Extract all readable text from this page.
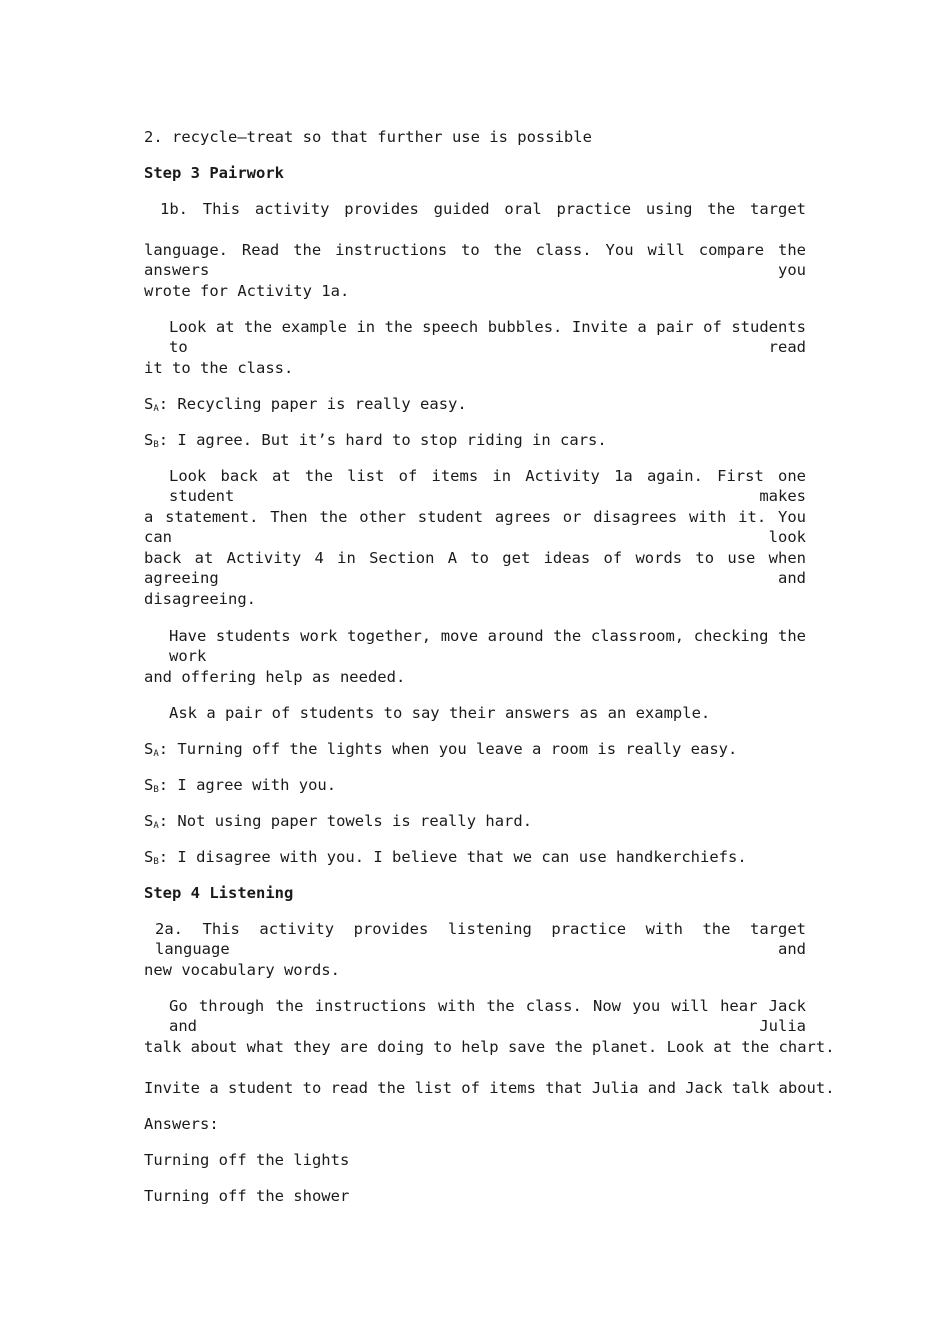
2. recycle—treat so that further use is possible
Step 3 Pairwork
1b. This activity provides guided oral practice using the target
language. Read the instructions to the class. You will compare the answers you
wrote for Activity 1a.
Look at the example in the speech bubbles. Invite a pair of students to read
it to the class.
$S_A$: Recycling paper is really easy.
$S_B$: I agree. But it’s hard to stop riding in cars.
Look back at the list of items in Activity 1a again. First one student makes
a statement. Then the other student agrees or disagrees with it. You can look
back at Activity 4 in Section A to get ideas of words to use when agreeing and
disagreeing.
Have students work together, move around the classroom, checking the work
and offering help as needed.
Ask a pair of students to say their answers as an example.
$S_A$: Turning off the lights when you leave a room is really easy.
$S_B$: I agree with you.
$S_A$: Not using paper towels is really hard.
$S_B$: I disagree with you. I believe that we can use handkerchiefs.
Step 4 Listening
2a. This activity provides listening practice with the target language and
new vocabulary words.
Go through the instructions with the class. Now you will hear Jack and Julia
talk about what they are doing to help save the planet. Look at the chart.
Invite a student to read the list of items that Julia and Jack talk about.
Answers:
Turning off the lights
Turning off the shower
